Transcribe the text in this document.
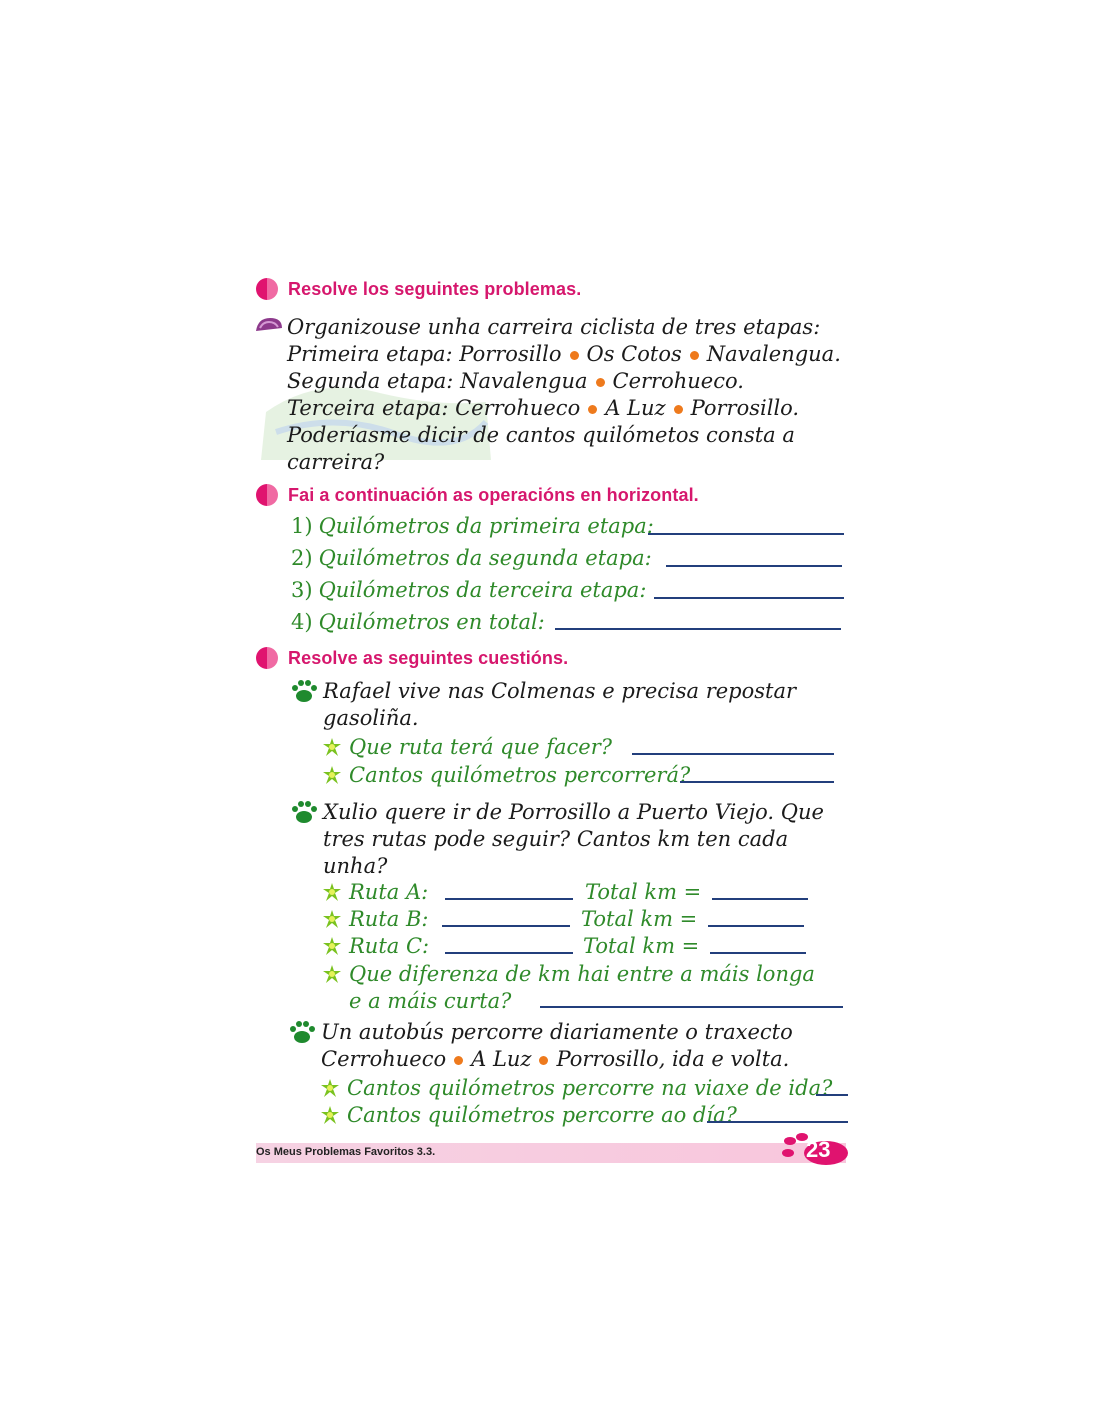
Resolve los seguintes problemas.
Organizouse unha carreira ciclista de tres etapas:
Primeira etapa: Porrosillo Os Cotos Navalengua.
Segunda etapa: Navalengua Cerrohueco.
Terceira etapa: Cerrohueco A Luz Porrosillo.
Poderíasme dicir de cantos quilómetos consta a
carreira?
Fai a continuación as operacións en horizontal.
1) Quilómetros da primeira etapa:
2) Quilómetros da segunda etapa:
3) Quilómetros da terceira etapa:
4) Quilómetros en total:
Resolve as seguintes cuestións.
Rafael vive nas Colmenas e precisa repostar
gasoliña.
Que ruta terá que facer?
Cantos quilómetros percorrerá?
Xulio quere ir de Porrosillo a Puerto Viejo. Que
tres rutas pode seguir? Cantos km ten cada
unha?
Ruta A:	Total km =
Ruta B:	Total km =
Ruta C:	Total km =
Que diferenza de km hai entre a máis longa
e a máis curta?
Un autobús percorre diariamente o traxecto
Cerrohueco A Luz Porrosillo, ida e volta.
Cantos quilómetros percorre na viaxe de ida?
Cantos quilómetros percorre ao día?
Os Meus Problemas Favoritos 3.3.	23
